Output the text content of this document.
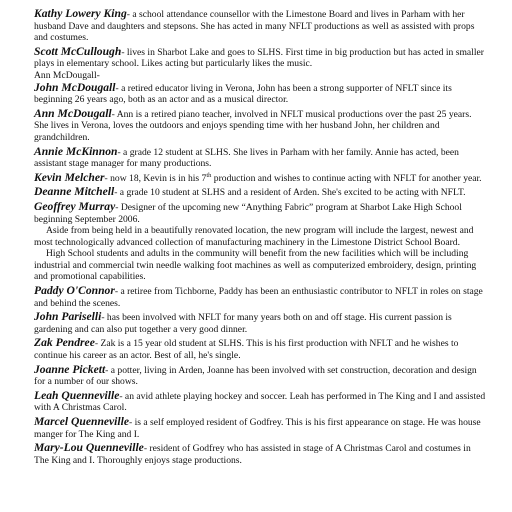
Kathy Lowery King- a school attendance counsellor with the Limestone Board and lives in Parham with her husband Dave and daughters and stepsons. She has acted in many NFLT productions as well as assisted with props and costumes.

Scott McCullough- lives in Sharbot Lake and goes to SLHS. First time in big production but has acted in smaller plays in elementary school. Likes acting but particularly likes the music.

Ann McDougall-

John McDougall- a retired educator living in Verona, John has been a strong supporter of NFLT since its beginning 26 years ago, both as an actor and as a musical director.

Ann McDougall- Ann is a retired piano teacher, involved in NFLT musical productions over the past 25 years. She lives in Verona, loves the outdoors and enjoys spending time with her husband John, her children and grandchildren.

Annie McKinnon- a grade 12 student at SLHS. She lives in Parham with her family. Annie has acted, been assistant stage manager for many productions.

Kevin Melcher- now 18, Kevin is in his 7th production and wishes to continue acting with NFLT for another year.

Deanne Mitchell- a grade 10 student at SLHS and a resident of Arden. She's excited to be acting with NFLT.

Geoffrey Murray- Designer of the upcoming new “Anything Fabric” program at Sharbot Lake High School beginning September 2006.

Aside from being held in a beautifully renovated location, the new program will include the largest, newest and most technologically advanced collection of manufacturing machinery in the Limestone District School Board.

High School students and adults in the community will benefit from the new facilities which will be including industrial and commercial twin needle walking foot machines as well as computerized embroidery, design, printing and promotional capabilities.

Paddy O'Connor- a retiree from Tichborne, Paddy has been an enthusiastic contributor to NFLT in roles on stage and behind the scenes.

John Pariselli- has been involved with NFLT for many years both on and off stage. His current passion is gardening and can also put together a very good dinner.

Zak Pendree- Zak is a 15 year old student at SLHS. This is his first production with NFLT and he wishes to continue his career as an actor. Best of all, he's single.

Joanne Pickett- a potter, living in Arden, Joanne has been involved with set construction, decoration and design for a number of our shows.

Leah Quenneville- an avid athlete playing hockey and soccer. Leah has performed in The King and I and assisted with A Christmas Carol.

Marcel Quenneville- is a self employed resident of Godfrey. This is his first appearance on stage. He was house manger for The King and I.

Mary-Lou Quenneville- resident of Godfrey who has assisted in stage of A Christmas Carol and costumes in The King and I. Thoroughly enjoys stage productions.
